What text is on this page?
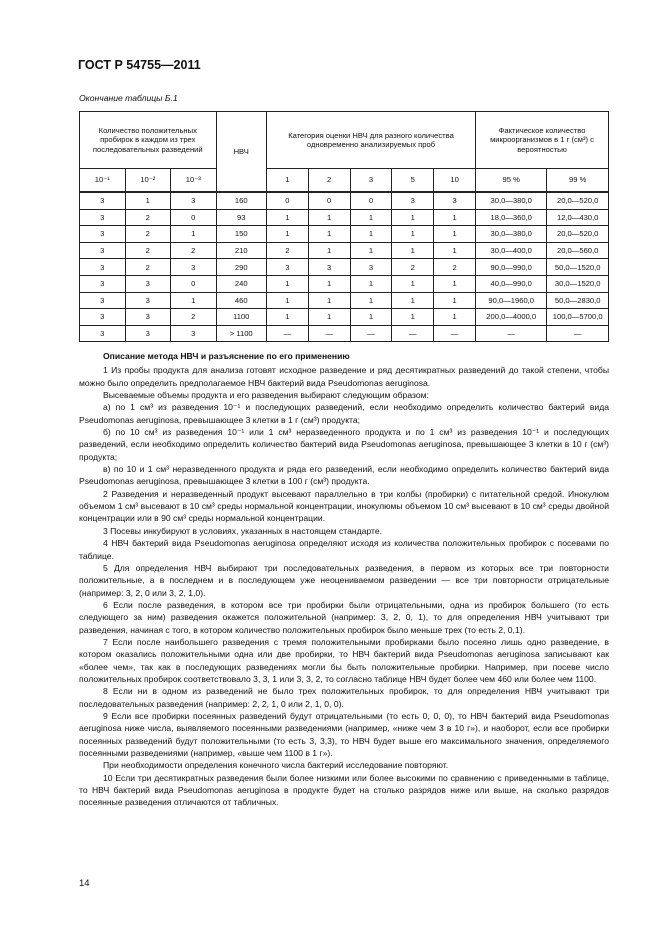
ГОСТ Р 54755—2011
Окончание таблицы Б.1
Количество положительных пробирок в каждом из трех последовательных разведений			НВЧ	Категория оценки НВЧ для разного количества одновременно анализируемых проб					Фактическое количество микроорганизмов в 1 г (см³) с вероятностью	
10⁻¹	10⁻²	10⁻³		1	2	3	5	10	95 %	99 %
3	1	3	160	0	0	0	3	3	30,0—380,0	20,0—520,0
3	2	0	93	1	1	1	1	1	18,0—360,0	12,0—430,0
3	2	1	150	1	1	1	1	1	30,0—380,0	20,0—520,0
3	2	2	210	2	1	1	1	1	30,0—400,0	20,0—560,0
3	2	3	290	3	3	3	2	2	90,0—990,0	50,0—1520,0
3	3	0	240	1	1	1	1	1	40,0—990,0	30,0—1520,0
3	3	1	460	1	1	1	1	1	90,0—1960,0	50,0—2830,0
3	3	2	1100	1	1	1	1	1	200,0—4000,0	100,0—5700,0
3	3	3	> 1100	—	—	—	—	—	—	—

Описание метода НВЧ и разъяснение по его применению

1 Из пробы продукта для анализа готовят исходное разведение и ряд десятикратных разведений до такой степени, чтобы можно было определить предполагаемое НВЧ бактерий вида Pseudomonas aeruginosa.

Высеваемые объемы продукта и его разведения выбирают следующим образом:

а) по 1 см³ из разведения 10⁻¹ и последующих разведений, если необходимо определить количество бактерий вида Pseudomonas aeruginosa, превышающее 3 клетки в 1 г (см³) продукта;

б) по 10 см³ из разведения 10⁻¹ или 1 см³ неразведенного продукта и по 1 см³ из разведения 10⁻¹ и последующих разведений, если необходимо определить количество бактерий вида Pseudomonas aeruginosa, превышающее 3 клетки в 10 г (см³) продукта;

в) по 10 и 1 см³ неразведенного продукта и ряда его разведений, если необходимо определить количество бактерий вида Pseudomonas aeruginosa, превышающее 3 клетки в 100 г (см³) продукта.

2 Разведения и неразведенный продукт высевают параллельно в три колбы (пробирки) с питательной средой. Инокулюм объемом 1 см³ высевают в 10 см³ среды нормальной концентрации, инокулюмы объемом 10 см³ высевают в 10 см³ среды двойной концентрации или в 90 см³ среды нормальной концентрации.

3 Посевы инкубируют в условиях, указанных в настоящем стандарте.

4 НВЧ бактерий вида Pseudomonas aeruginosa определяют исходя из количества положительных пробирок с посевами по таблице.

5 Для определения НВЧ выбирают три последовательных разведения, в первом из которых все три повторности положительные, а в последнем и в последующем уже неоцениваемом разведении — все три повторности отрицательные (например: 3, 2, 0 или 3, 2, 1,0).

6 Если после разведения, в котором все три пробирки были отрицательными, одна из пробирок большего (то есть следующего за ним) разведения окажется положительной (например: 3, 2, 0, 1), то для определения НВЧ учитывают три разведения, начиная с того, в котором количество положительных пробирок было меньше трех (то есть 2, 0,1).

7 Если после наибольшего разведения с тремя положительными пробирками было посеяно лишь одно разведение, в котором оказались положительными одна или две пробирки, то НВЧ бактерий вида Pseudomonas aeruginosa записывают как «более чем», так как в последующих разведениях могли бы быть положительные пробирки. Например, при посеве число положительных пробирок соответствовало 3, 3, 1 или 3, 3, 2, то согласно таблице НВЧ будет более чем 460 или более чем 1100.

8 Если ни в одном из разведений не было трех положительных пробирок, то для определения НВЧ учитывают три последовательных разведения (например: 2, 2, 1, 0 или 2, 1, 0, 0).

9 Если все пробирки посеянных разведений будут отрицательными (то есть 0, 0, 0), то НВЧ бактерий вида Pseudomonas aeruginosa ниже числа, выявляемого посеянными разведениями (например, «ниже чем 3 в 10 г»), и наоборот, если все пробирки посеянных разведений будут положительными (то есть 3, 3,3), то НВЧ будет выше его максимального значения, определяемого посеянными разведениями (например, «выше чем 1100 в 1 г»).

При необходимости определения конечного числа бактерий исследование повторяют.

10 Если три десятикратных разведения были более низкими или более высокими по сравнению с приведенными в таблице, то НВЧ бактерий вида Pseudomonas aeruginosa в продукте будет на столько разрядов ниже или выше, на сколько разрядов посеянные разведения отличаются от табличных.

14
